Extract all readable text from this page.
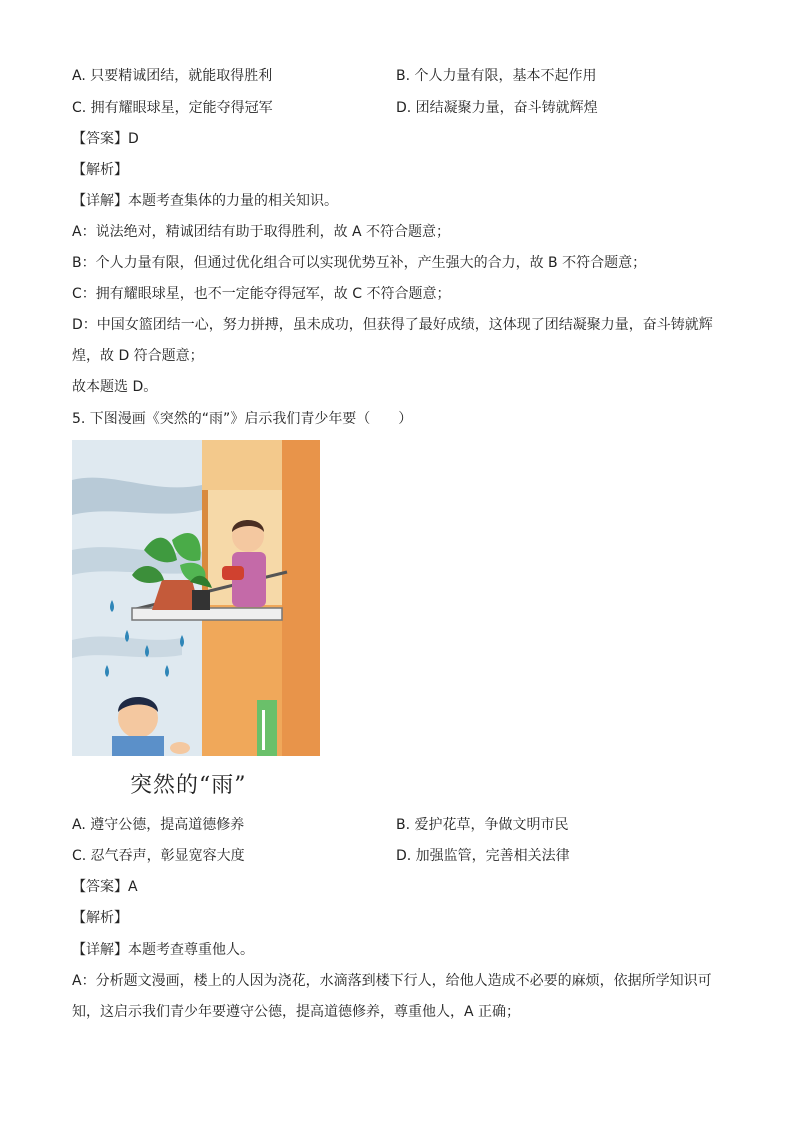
A. 只要精诚团结，就能取得胜利	B. 个人力量有限，基本不起作用
C. 拥有耀眼球星，定能夺得冠军	D. 团结凝聚力量，奋斗铸就辉煌
【答案】D
【解析】
【详解】本题考查集体的力量的相关知识。
A：说法绝对，精诚团结有助于取得胜利，故 A 不符合题意；
B：个人力量有限，但通过优化组合可以实现优势互补，产生强大的合力，故 B 不符合题意；
C：拥有耀眼球星，也不一定能夺得冠军，故 C 不符合题意；
D：中国女篮团结一心，努力拼搏，虽未成功，但获得了最好成绩，这体现了团结凝聚力量，奋斗铸就辉
煌，故 D 符合题意；
故本题选 D。
5. 下图漫画《突然的“雨”》启示我们青少年要（　　）
突然的“雨”
A. 遵守公德，提高道德修养	B. 爱护花草，争做文明市民
C. 忍气吞声，彰显宽容大度	D. 加强监管，完善相关法律
【答案】A
【解析】
【详解】本题考查尊重他人。
A：分析题文漫画，楼上的人因为浇花，水滴落到楼下行人，给他人造成不必要的麻烦，依据所学知识可
知，这启示我们青少年要遵守公德，提高道德修养，尊重他人，A 正确；
